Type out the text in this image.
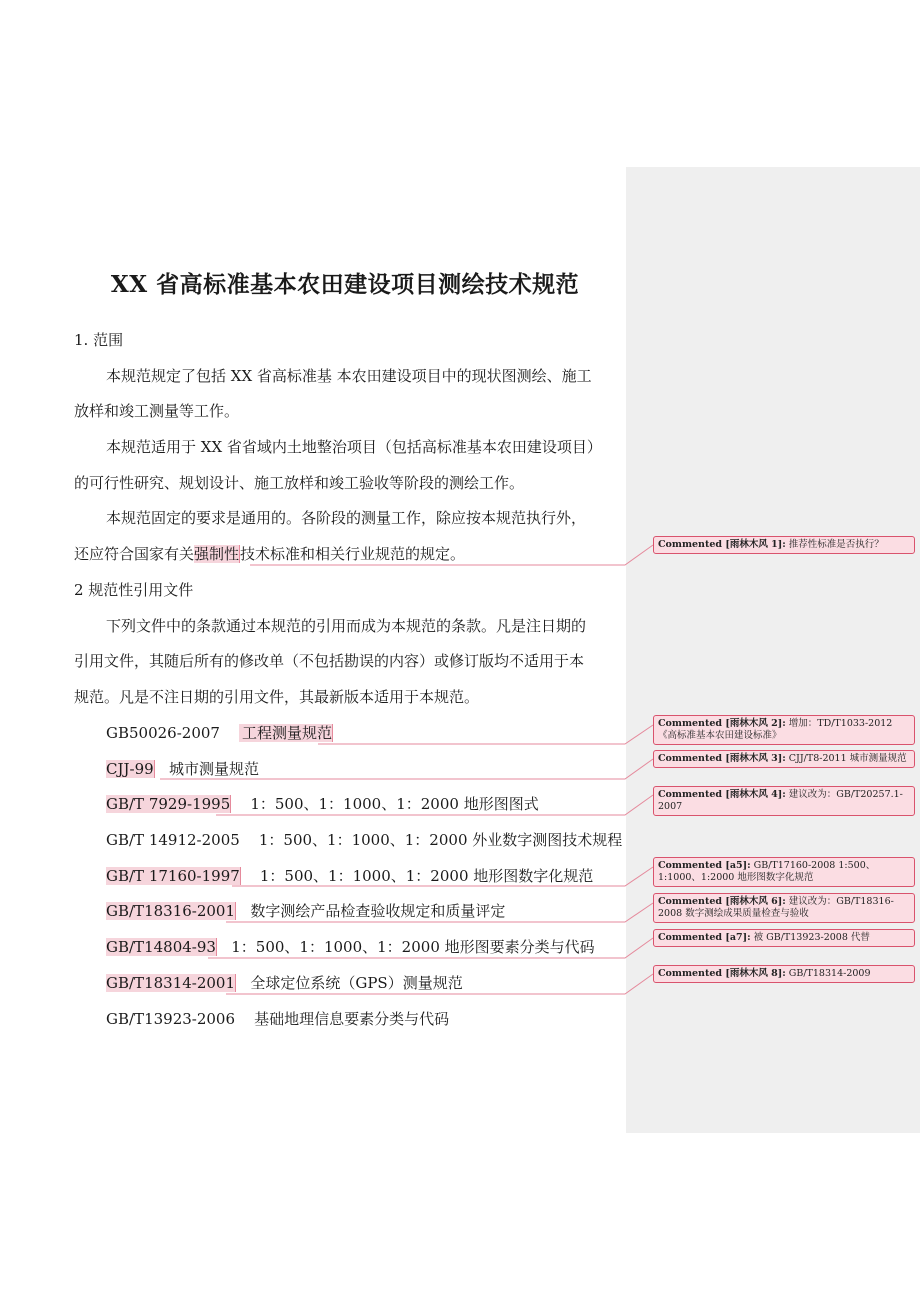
XX 省高标准基本农田建设项目测绘技术规范
1. 范围
本规范规定了包括 XX 省高标准基 本农田建设项目中的现状图测绘、施工
放样和竣工测量等工作。
本规范适用于 XX 省省域内土地整治项目（包括高标准基本农田建设项目）
的可行性研究、规划设计、施工放样和竣工验收等阶段的测绘工作。
本规范固定的要求是通用的。各阶段的测量工作，除应按本规范执行外，
还应符合国家有关强制性技术标准和相关行业规范的规定。
2 规范性引用文件
下列文件中的条款通过本规范的引用而成为本规范的条款。凡是注日期的
引用文件，其随后所有的修改单（不包括勘误的内容）或修订版均不适用于本
规范。凡是不注日期的引用文件，其最新版本适用于本规范。
GB50026-2007 工程测量规范
CJJ-99 城市测量规范
GB/T 7929-1995 1：500、1：1000、1：2000 地形图图式
GB/T 14912-2005 1：500、1：1000、1：2000 外业数字测图技术规程
GB/T 17160-1997 1：500、1：1000、1：2000 地形图数字化规范
GB/T18316-2001 数字测绘产品检查验收规定和质量评定
GB/T14804-93 1：500、1：1000、1：2000 地形图要素分类与代码
GB/T18314-2001 全球定位系统（GPS）测量规范
GB/T13923-2006 基础地理信息要素分类与代码
Commented [雨林木风 1]: 推荐性标准是否执行？
Commented [雨林木风 2]: 增加：TD/T1033-2012《高标准基本农田建设标准》
Commented [雨林木风 3]: CJJ/T8-2011 城市测量规范
Commented [雨林木风 4]: 建议改为：GB/T20257.1-2007
Commented [a5]: GB/T17160-2008 1:500、1:1000、1:2000 地形图数字化规范
Commented [雨林木风 6]: 建议改为：GB/T18316-2008 数字测绘成果质量检查与验收
Commented [a7]: 被 GB/T13923-2008 代替
Commented [雨林木风 8]: GB/T18314-2009
